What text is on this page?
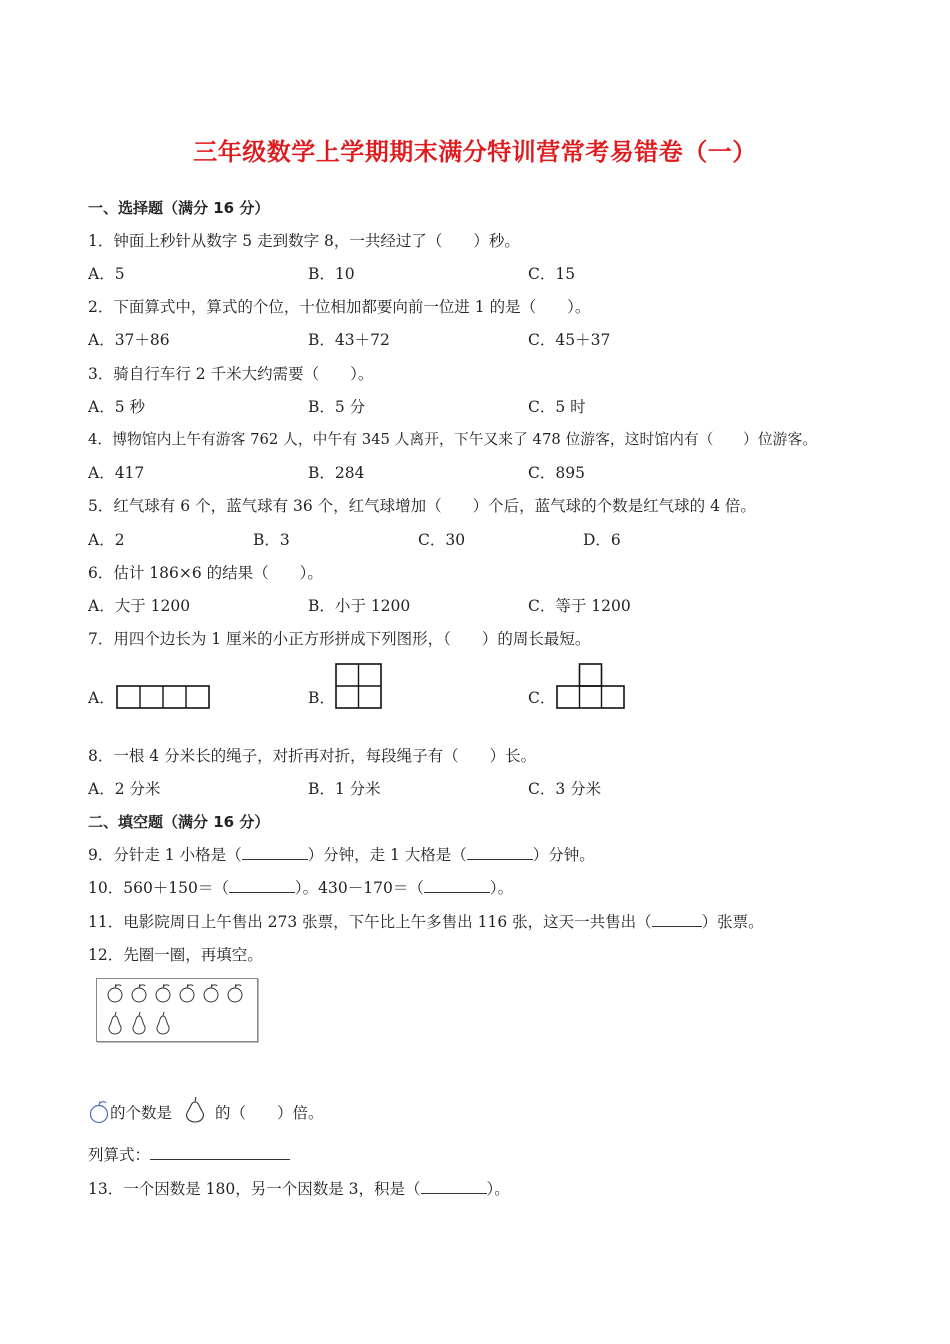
三年级数学上学期期末满分特训营常考易错卷（一）
一、选择题（满分 16 分）
1．钟面上秒针从数字 5 走到数字 8，一共经过了（　　）秒。
A．5	B．10	C．15
2．下面算式中，算式的个位，十位相加都要向前一位进 1 的是（　　）。
A．37＋86	B．43＋72	C．45＋37
3．骑自行车行 2 千米大约需要（　　）。
A．5 秒	B．5 分	C．5 时
4．博物馆内上午有游客 762 人，中午有 345 人离开，下午又来了 478 位游客，这时馆内有（　　）位游客。
A．417	B．284	C．895
5．红气球有 6 个，蓝气球有 36 个，红气球增加（　　）个后，蓝气球的个数是红气球的 4 倍。
A．2	B．3	C．30	D．6
6．估计 186×6 的结果（　　）。
A．大于 1200	B．小于 1200	C．等于 1200
7．用四个边长为 1 厘米的小正方形拼成下列图形，（　　）的周长最短。
A．	B．	C．
8．一根 4 分米长的绳子，对折再对折，每段绳子有（　　）长。
A．2 分米	B．1 分米	C．3 分米
二、填空题（满分 16 分）
9．分针走 1 小格是（	）分钟，走 1 大格是（	）分钟。
10．560＋150＝（	）。430－170＝（	）。
11．电影院周日上午售出 273 张票，下午比上午多售出 116 张，这天一共售出（	）张票。
12．先圈一圈，再填空。
的个数是	的（　　）倍。
列算式：
13．一个因数是 180，另一个因数是 3，积是（	）。
